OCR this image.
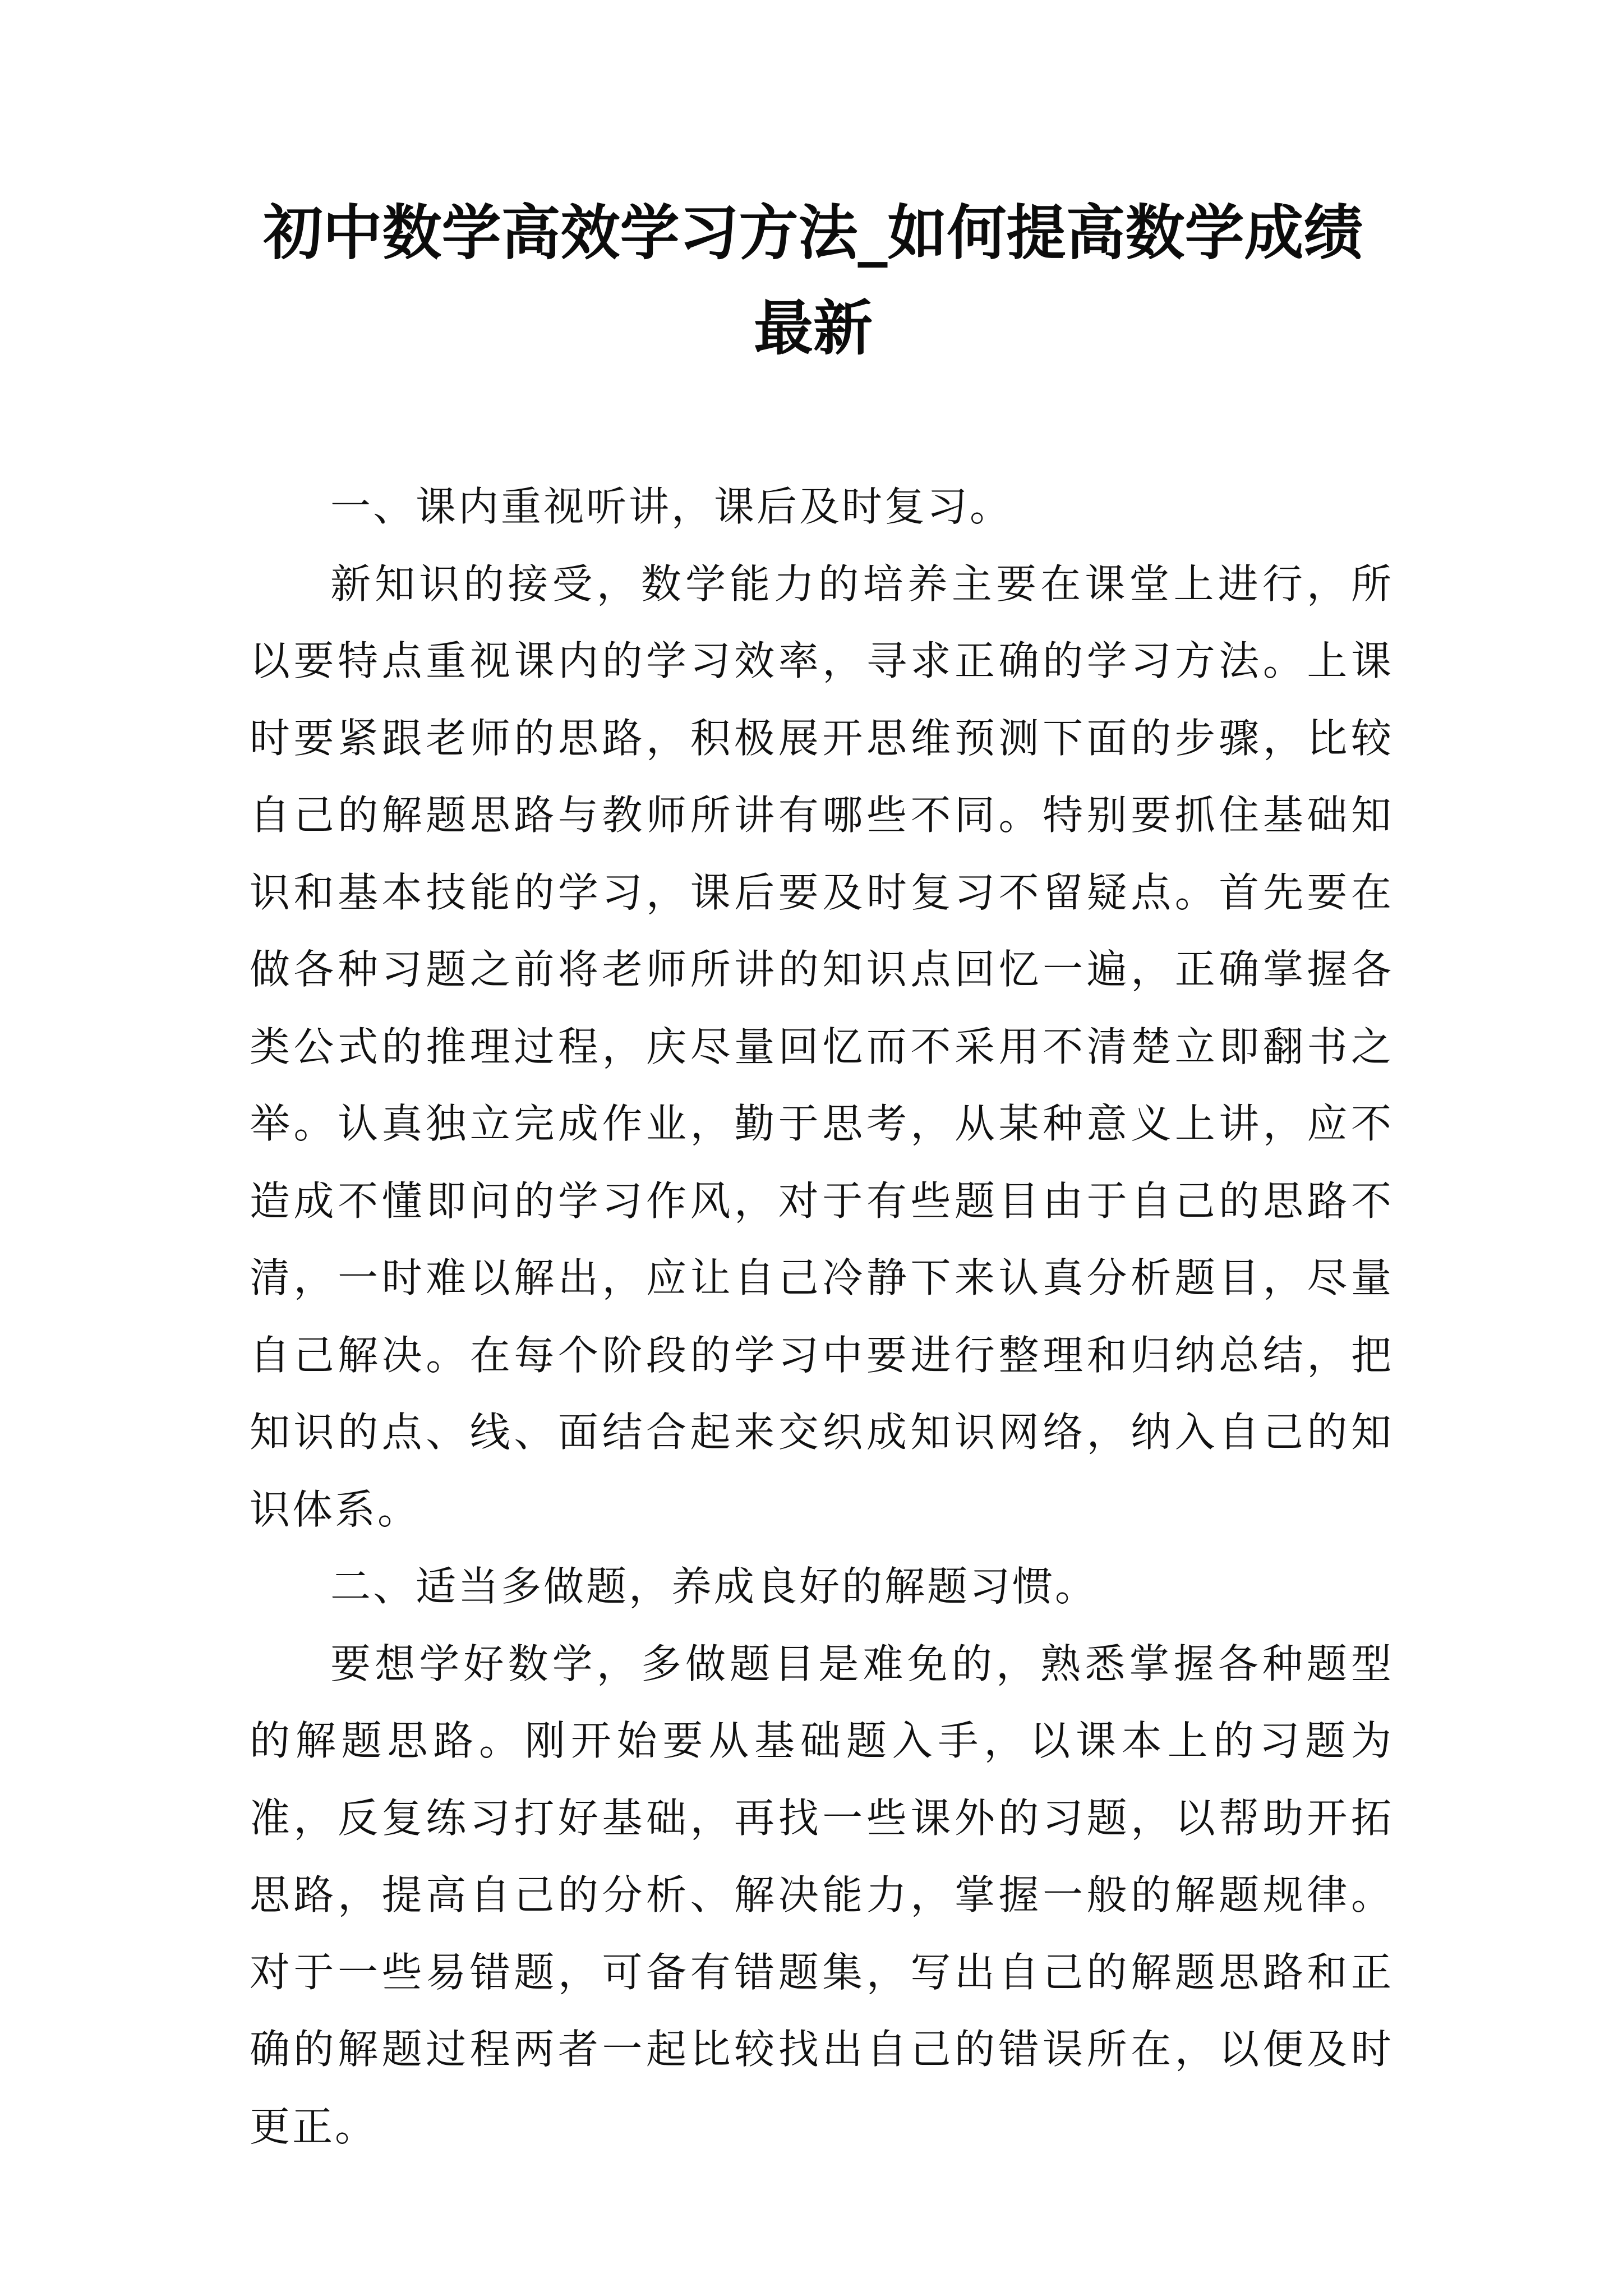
初中数学高效学习方法_如何提高数学成绩
最新

一、课内重视听讲，课后及时复习。

新知识的接受，数学能力的培养主要在课堂上进行，所以要特点重视课内的学习效率，寻求正确的学习方法。上课时要紧跟老师的思路，积极展开思维预测下面的步骤，比较自己的解题思路与教师所讲有哪些不同。特别要抓住基础知识和基本技能的学习，课后要及时复习不留疑点。首先要在做各种习题之前将老师所讲的知识点回忆一遍，正确掌握各类公式的推理过程，庆尽量回忆而不采用不清楚立即翻书之举。认真独立完成作业，勤于思考，从某种意义上讲，应不造成不懂即问的学习作风，对于有些题目由于自己的思路不清，一时难以解出，应让自己冷静下来认真分析题目，尽量自己解决。在每个阶段的学习中要进行整理和归纳总结，把知识的点、线、面结合起来交织成知识网络，纳入自己的知识体系。

二、适当多做题，养成良好的解题习惯。

要想学好数学，多做题目是难免的，熟悉掌握各种题型的解题思路。刚开始要从基础题入手，以课本上的习题为准，反复练习打好基础，再找一些课外的习题，以帮助开拓思路，提高自己的分析、解决能力，掌握一般的解题规律。对于一些易错题，可备有错题集，写出自己的解题思路和正确的解题过程两者一起比较找出自己的错误所在，以便及时更正。
